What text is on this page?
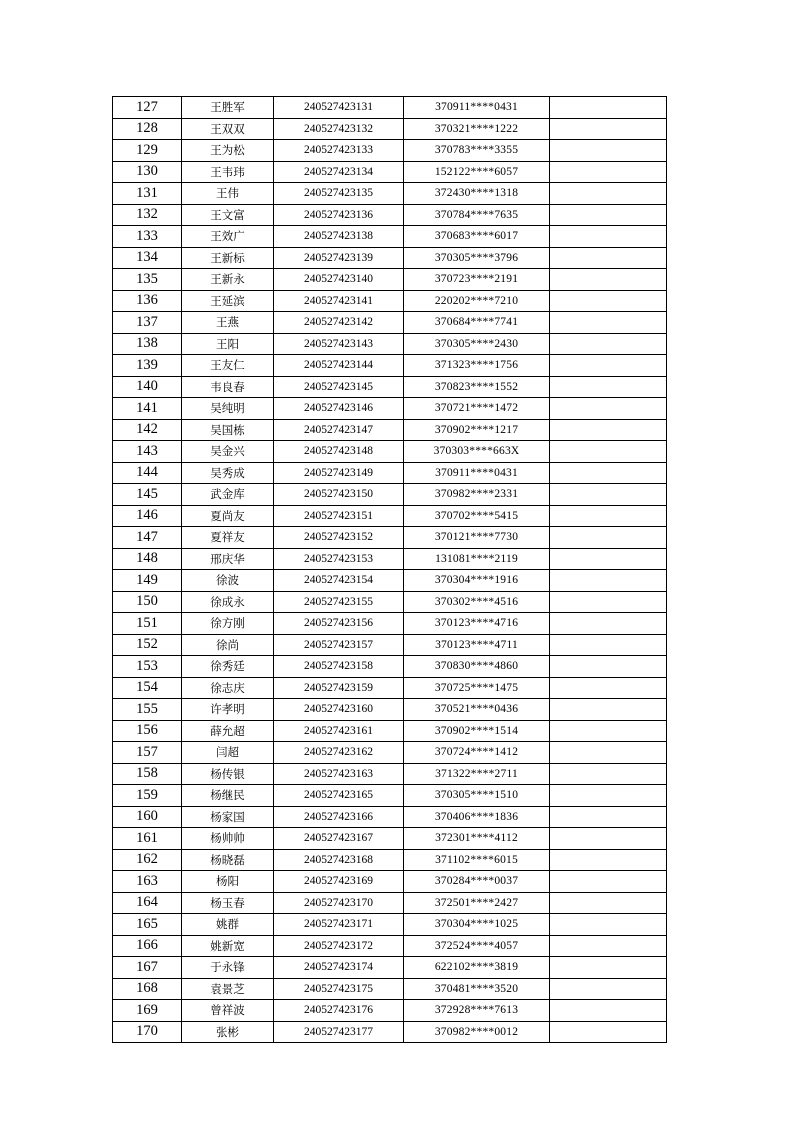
127	王胜军	240527423131	370911****0431	
128	王双双	240527423132	370321****1222	
129	王为松	240527423133	370783****3355	
130	王韦玮	240527423134	152122****6057	
131	王伟	240527423135	372430****1318	
132	王文富	240527423136	370784****7635	
133	王效广	240527423138	370683****6017	
134	王新标	240527423139	370305****3796	
135	王新永	240527423140	370723****2191	
136	王延滨	240527423141	220202****7210	
137	王燕	240527423142	370684****7741	
138	王阳	240527423143	370305****2430	
139	王友仁	240527423144	371323****1756	
140	韦良春	240527423145	370823****1552	
141	吴纯明	240527423146	370721****1472	
142	吴国栋	240527423147	370902****1217	
143	吴金兴	240527423148	370303****663X	
144	吴秀成	240527423149	370911****0431	
145	武金库	240527423150	370982****2331	
146	夏尚友	240527423151	370702****5415	
147	夏祥友	240527423152	370121****7730	
148	邢庆华	240527423153	131081****2119	
149	徐波	240527423154	370304****1916	
150	徐成永	240527423155	370302****4516	
151	徐方刚	240527423156	370123****4716	
152	徐尚	240527423157	370123****4711	
153	徐秀廷	240527423158	370830****4860	
154	徐志庆	240527423159	370725****1475	
155	许孝明	240527423160	370521****0436	
156	薛允超	240527423161	370902****1514	
157	闫超	240527423162	370724****1412	
158	杨传银	240527423163	371322****2711	
159	杨继民	240527423165	370305****1510	
160	杨家国	240527423166	370406****1836	
161	杨帅帅	240527423167	372301****4112	
162	杨晓磊	240527423168	371102****6015	
163	杨阳	240527423169	370284****0037	
164	杨玉春	240527423170	372501****2427	
165	姚群	240527423171	370304****1025	
166	姚新宽	240527423172	372524****4057	
167	于永锋	240527423174	622102****3819	
168	袁景芝	240527423175	370481****3520	
169	曾祥波	240527423176	372928****7613	
170	张彬	240527423177	370982****0012	
